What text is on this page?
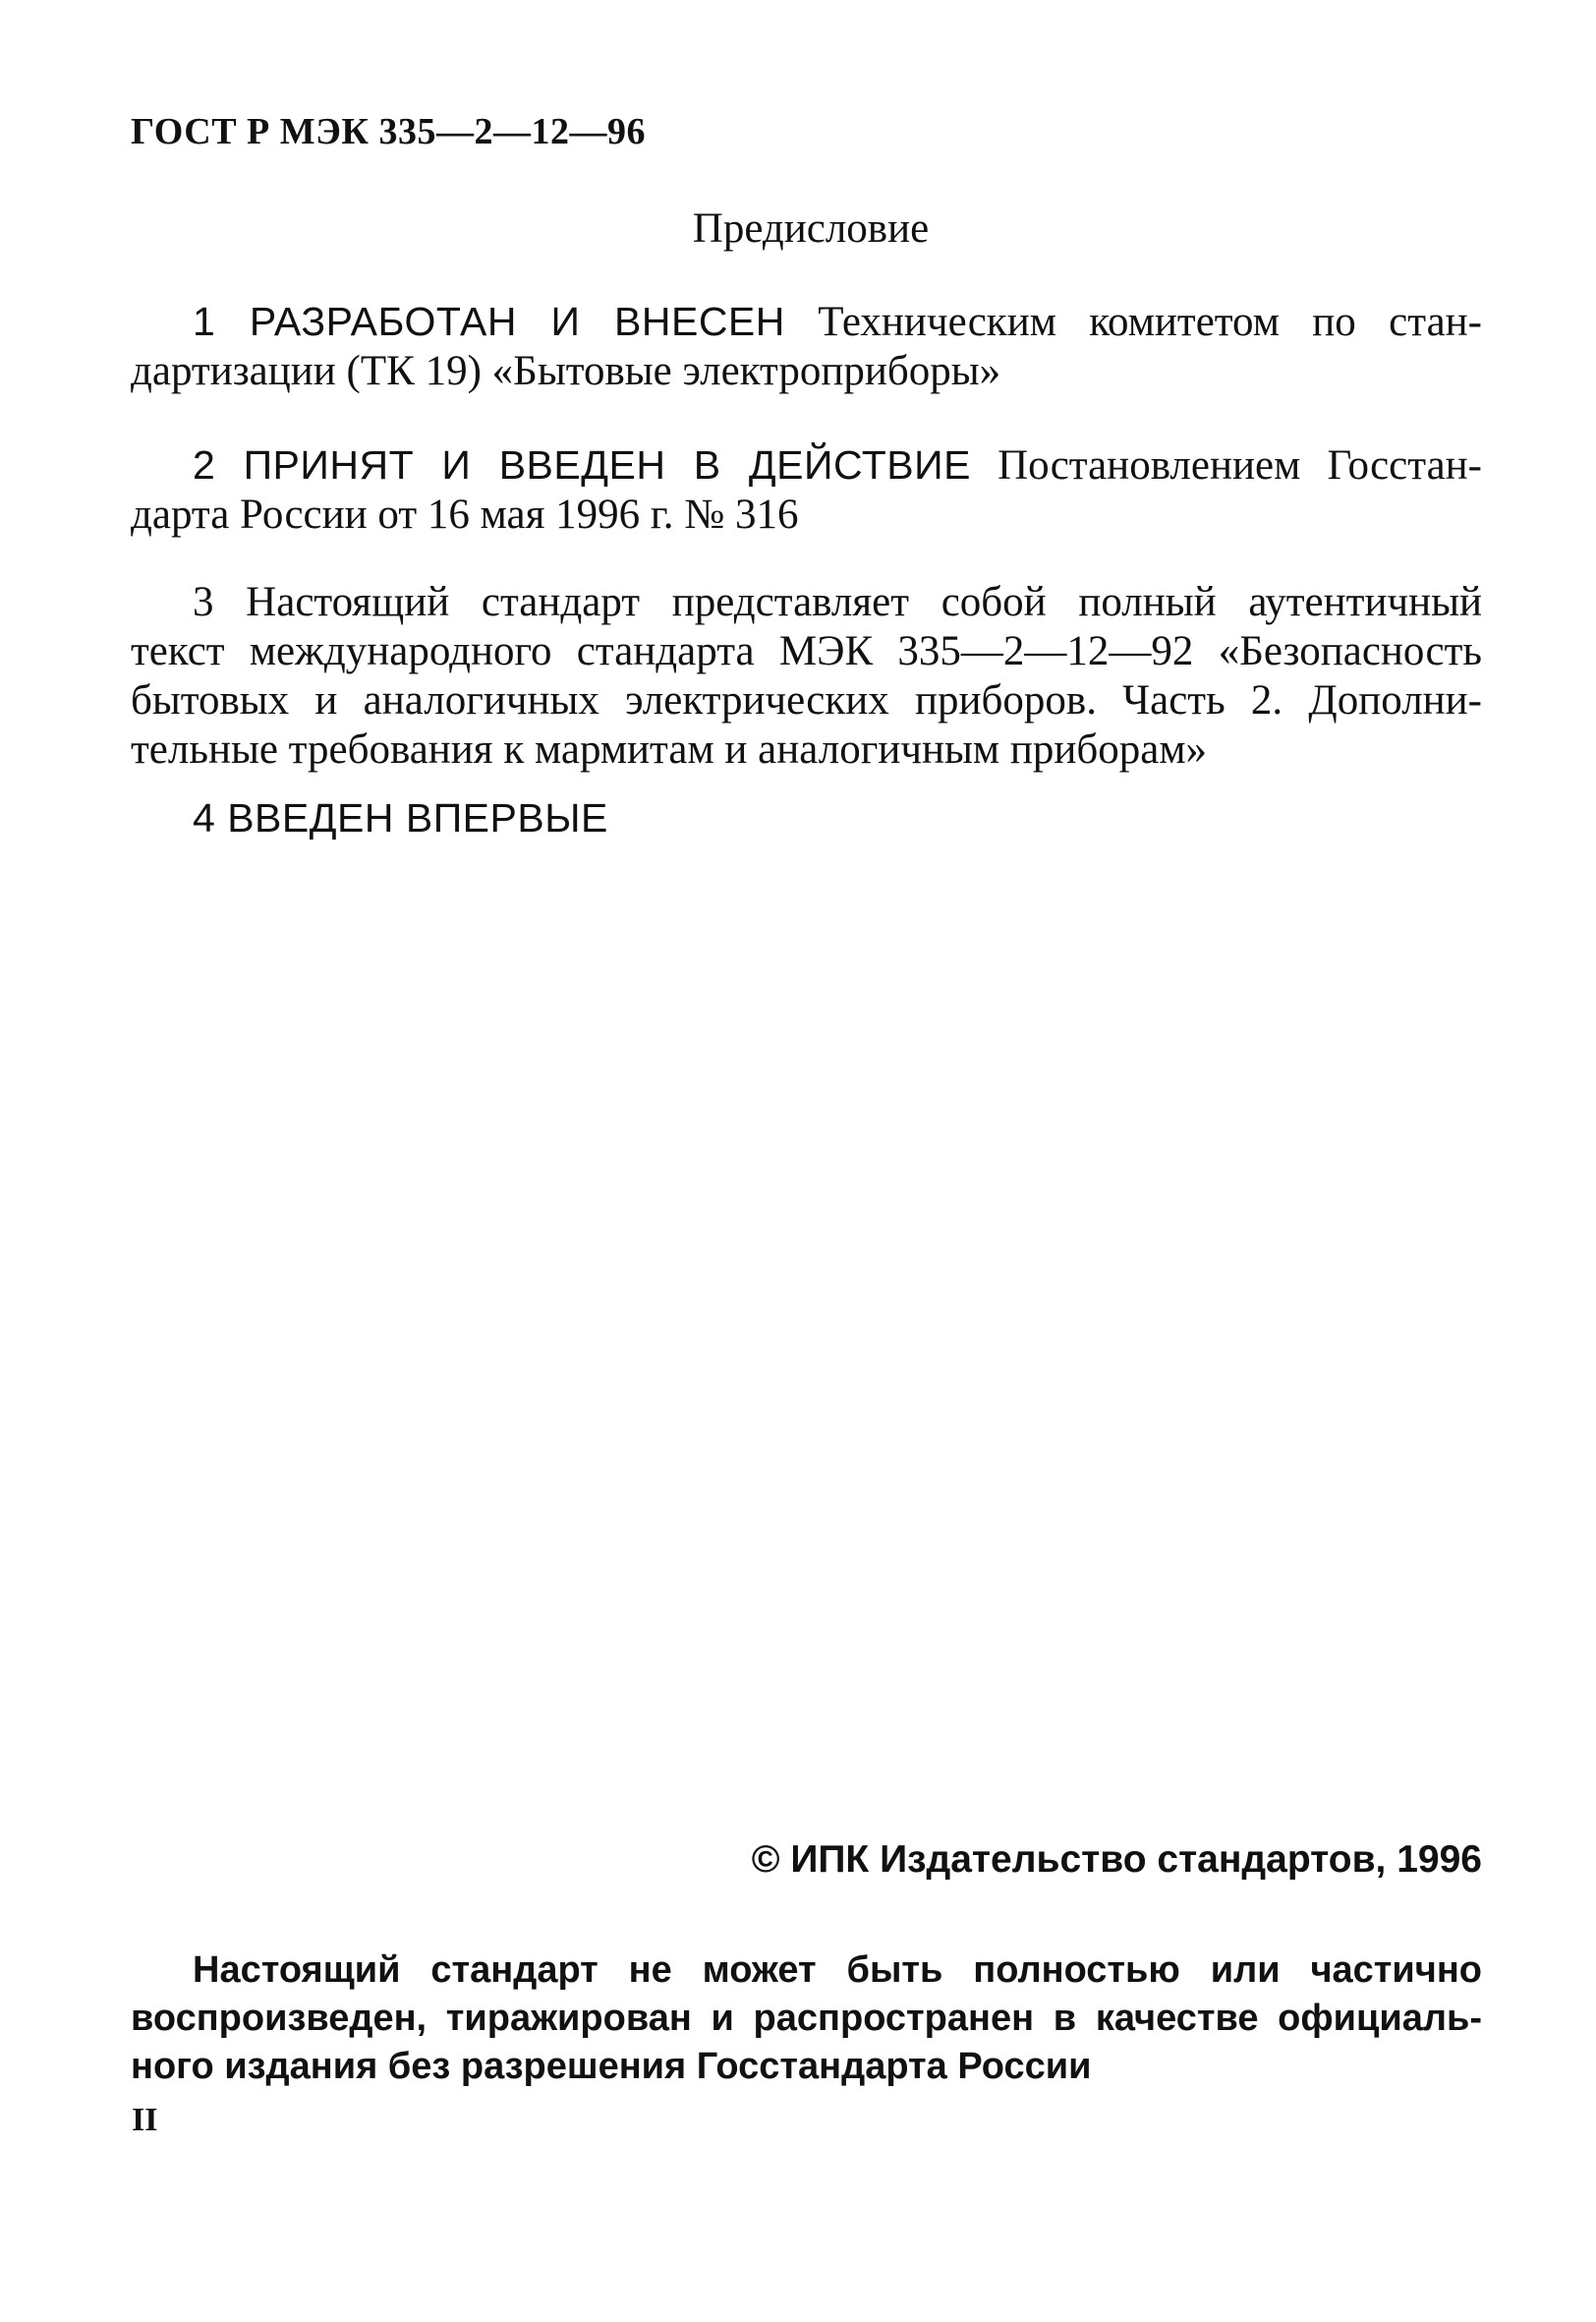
ГОСТ Р МЭК 335—2—12—96
Предисловие
1 РАЗРАБОТАН И ВНЕСЕН Техническим комитетом по стан-
дартизации (ТК 19) «Бытовые электроприборы»
2 ПРИНЯТ И ВВЕДЕН В ДЕЙСТВИЕ Постановлением Госстан-
дарта России от 16 мая 1996 г. № 316
3 Настоящий стандарт представляет собой полный аутентичный
текст международного стандарта МЭК 335—2—12—92 «Безопасность
бытовых и аналогичных электрических приборов. Часть 2. Дополни-
тельные требования к мармитам и аналогичным приборам»
4 ВВЕДЕН ВПЕРВЫЕ
© ИПК Издательство стандартов, 1996
Настоящий стандарт не может быть полностью или частично
воспроизведен, тиражирован и распространен в качестве официаль-
ного издания без разрешения Госстандарта России
II
